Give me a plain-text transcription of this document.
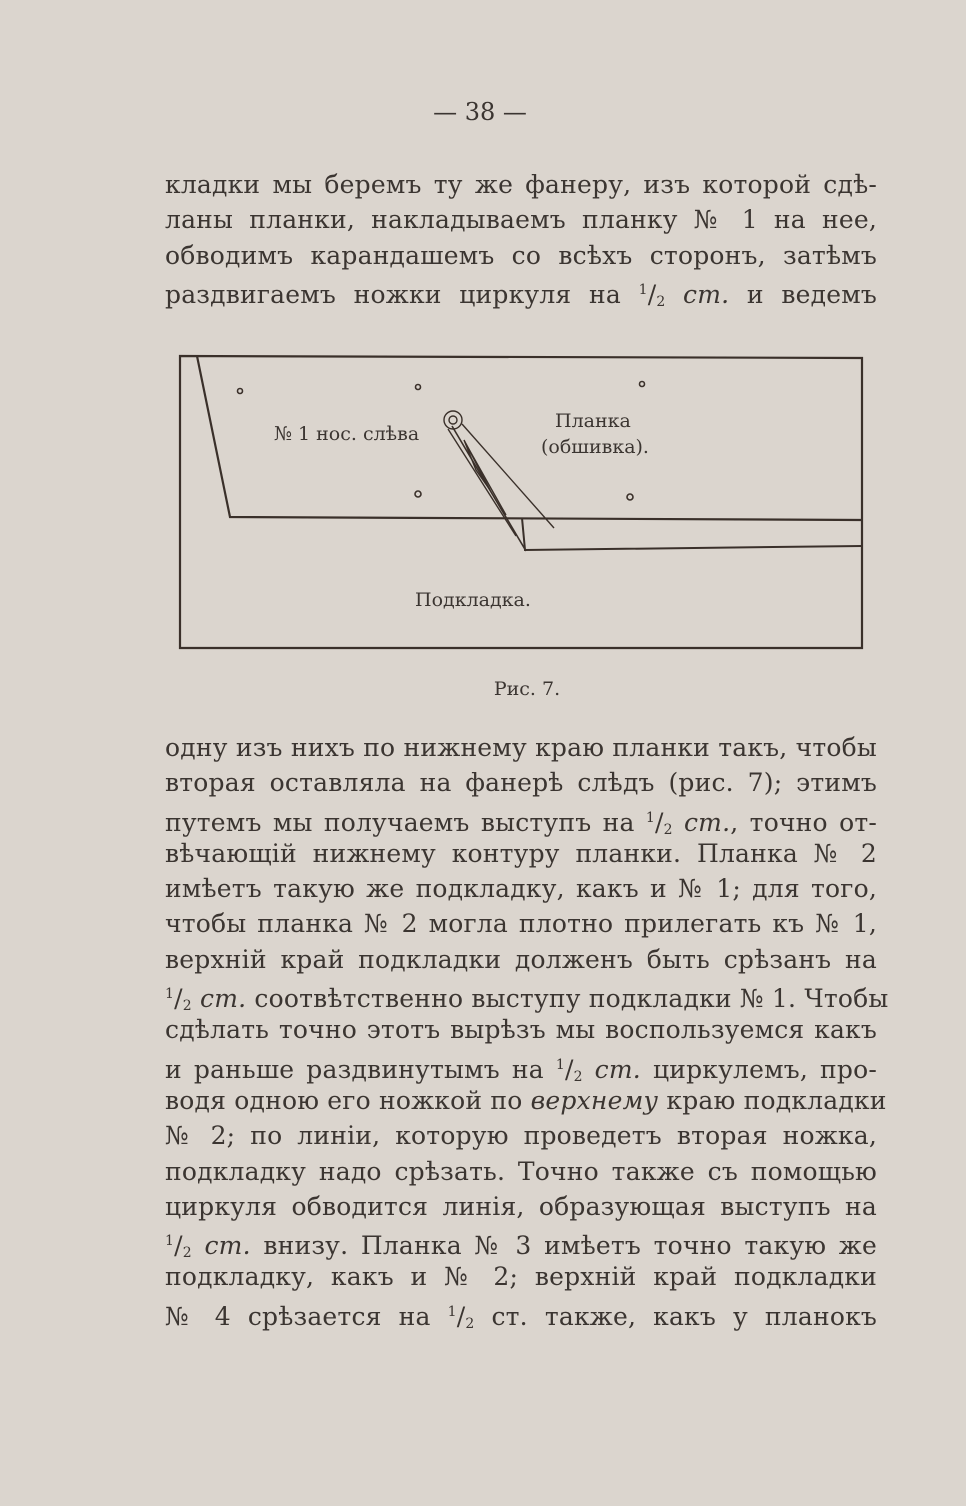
— 38 —
кладки мы беремъ ту же фанеру, изъ которой сдѣ-
ланы планки, накладываемъ планку № 1 на нее,
обводимъ карандашемъ со всѣхъ сторонъ, затѣмъ
раздвигаемъ ножки циркуля на $^1/_2$ ст. и ведемъ
№ 1 нос. слѣва
Планка
(обшивка).
Подкладка.
Рис. 7.
одну изъ нихъ по нижнему краю планки такъ, чтобы
вторая оставляла на фанерѣ слѣдъ (рис. 7); этимъ
путемъ мы получаемъ выступъ на $^1/_2$ ст., точно от-
вѣчающій нижнему контуру планки. Планка № 2
имѣетъ такую же подкладку, какъ и № 1; для того,
чтобы планка № 2 могла плотно прилегать къ № 1,
верхній край подкладки долженъ быть срѣзанъ на
$^1/_2$ ст. соотвѣтственно выступу подкладки № 1. Чтобы
сдѣлать точно этотъ вырѣзъ мы воспользуемся какъ
и раньше раздвинутымъ на $^1/_2$ ст. циркулемъ, про-
водя одною его ножкой по верхнему краю подкладки
№ 2; по линіи, которую проведетъ вторая ножка,
подкладку надо срѣзать. Точно также съ помощью
циркуля обводится линія, образующая выступъ на
$^1/_2$ ст. внизу. Планка № 3 имѣетъ точно такую же
подкладку, какъ и № 2; верхній край подкладки
№ 4 срѣзается на $^1/_2$ ст. также, какъ у планокъ
